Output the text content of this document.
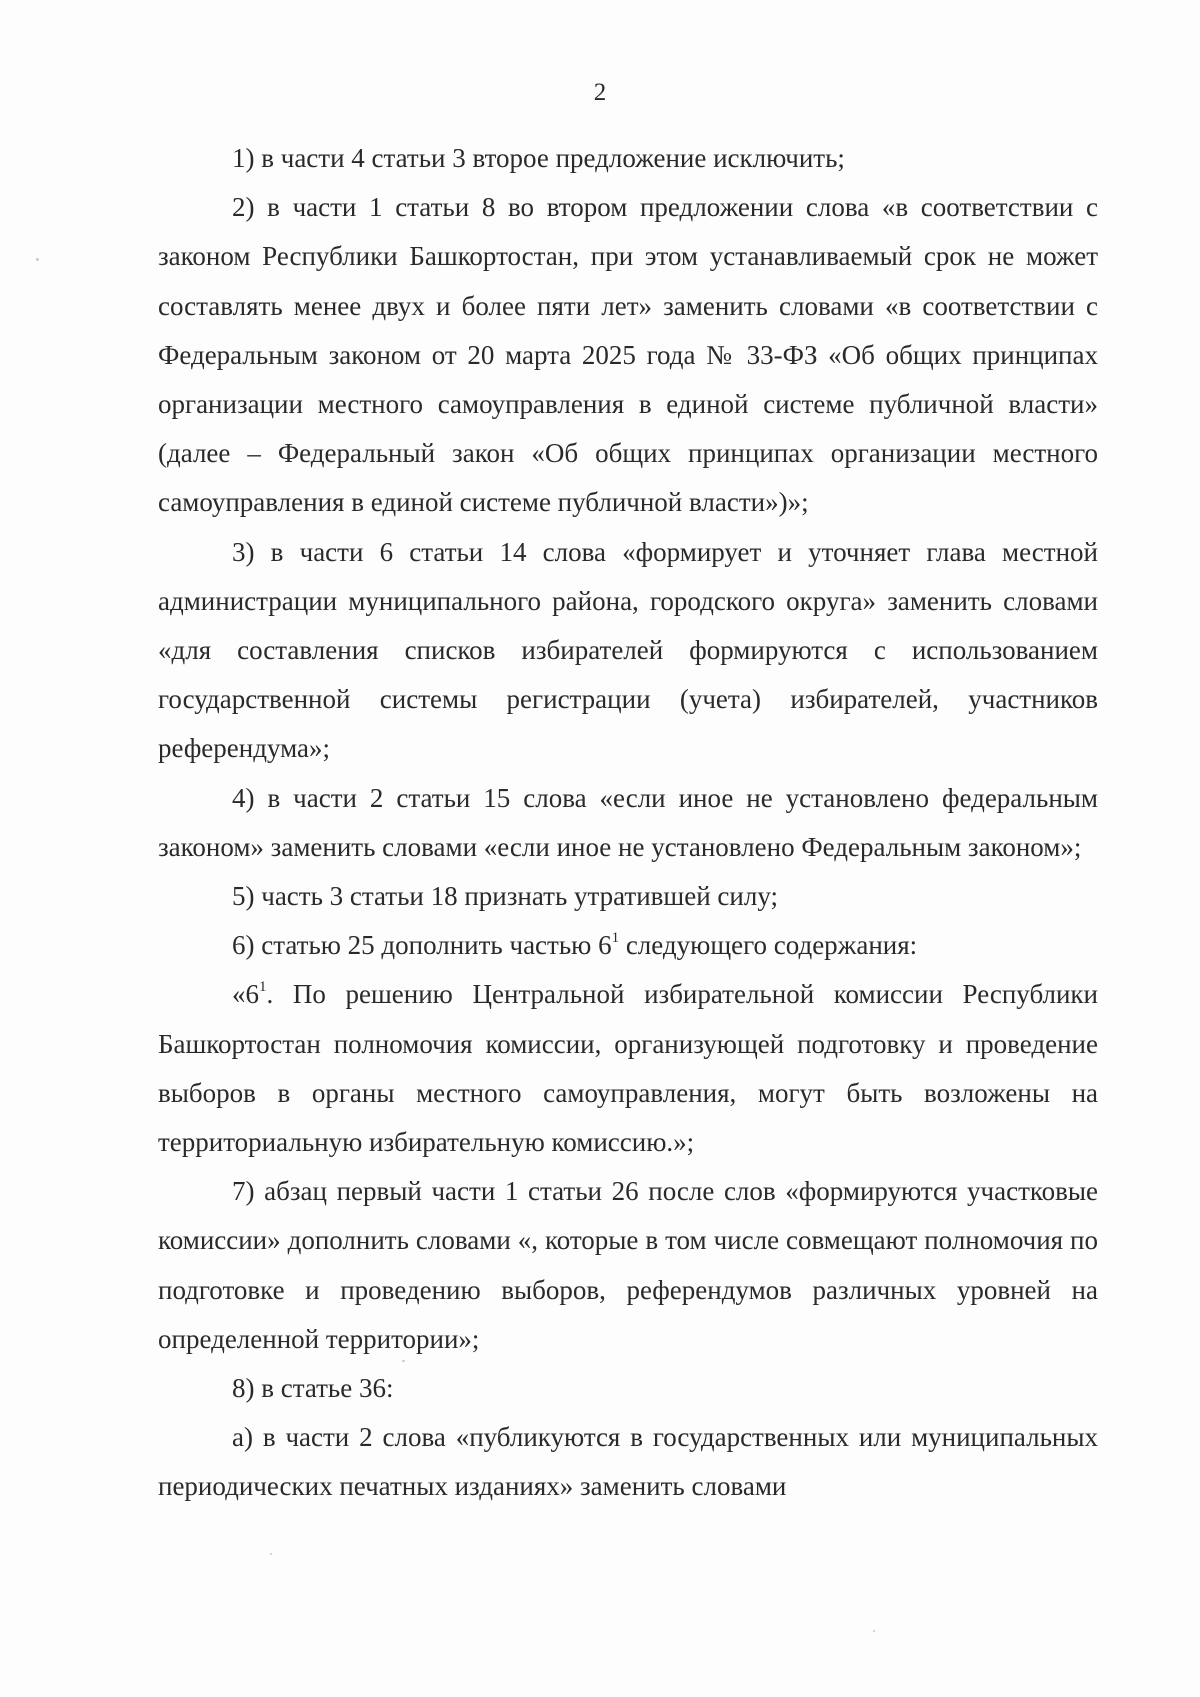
2

1) в части 4 статьи 3 второе предложение исключить;

2) в части 1 статьи 8 во втором предложении слова «в соответствии с законом Республики Башкортостан, при этом устанавливаемый срок не может составлять менее двух и более пяти лет» заменить словами «в соответствии с Федеральным законом от 20 марта 2025 года № 33-ФЗ «Об общих принципах организации местного самоуправления в единой системе публичной власти» (далее – Федеральный закон «Об общих принципах организации местного самоуправления в единой системе публичной власти»)»;

3) в части 6 статьи 14 слова «формирует и уточняет глава местной администрации муниципального района, городского округа» заменить словами «для составления списков избирателей формируются с использованием государственной системы регистрации (учета) избирателей, участников референдума»;

4) в части 2 статьи 15 слова «если иное не установлено федеральным законом» заменить словами «если иное не установлено Федеральным законом»;

5) часть 3 статьи 18 признать утратившей силу;

6) статью 25 дополнить частью $6^1$ следующего содержания:

«$6^1$. По решению Центральной избирательной комиссии Республики Башкортостан полномочия комиссии, организующей подготовку и проведение выборов в органы местного самоуправления, могут быть возложены на территориальную избирательную комиссию.»;

7) абзац первый части 1 статьи 26 после слов «формируются участковые комиссии» дополнить словами «, которые в том числе совмещают полномочия по подготовке и проведению выборов, референдумов различных уровней на определенной территории»;

8) в статье 36:

а) в части 2 слова «публикуются в государственных или муниципальных периодических печатных изданиях» заменить словами
